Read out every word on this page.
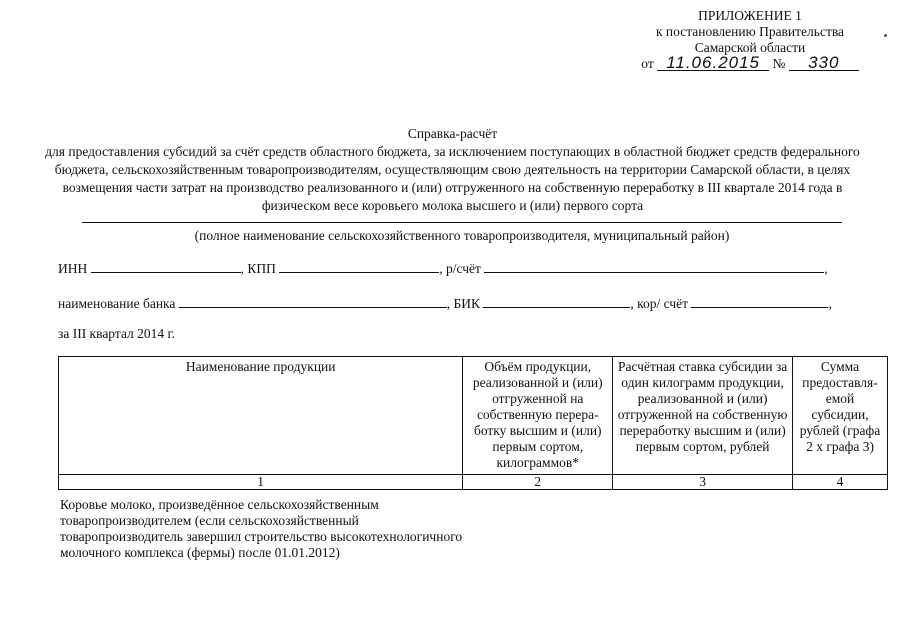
ПРИЛОЖЕНИЕ 1
к постановлению Правительства
Самарской области
от 11.06.2015 № 330
Справка-расчёт
для предоставления субсидий за счёт средств областного бюджета, за исключением поступающих в областной бюджет средств федерального бюджета, сельскохозяйственным товаропроизводителям, осуществляющим свою деятельность на территории Самарской области, в целях возмещения части затрат на производство реализованного и (или) отгруженного на собственную переработку в III квартале 2014 года в физическом весе коровьего молока высшего и (или) первого сорта
(полное наименование сельскохозяйственного товаропроизводителя, муниципальный район)
ИНН	, КПП	, р/счёт	,
наименование банка	, БИК	, кор/ счёт	,
за III квартал 2014 г.
Наименование продукции	Объём продукции, реализованной и (или) отгруженной на собственную перера-ботку высшим и (или) первым сортом, килограммов*	Расчётная ставка субсидии за один килограмм продукции, реализованной и (или) отгруженной на собственную переработку высшим и (или) первым сортом, рублей	Сумма предоставля-емой субсидии, рублей (графа 2 х графа 3)
1	2	3	4
Коровье молоко, произведённое сельскохозяйственным товаропроизводителем (если сельскохозяйственный товаропроизводитель завершил строительство высокотехнологичного молочного комплекса (фермы) после 01.01.2012)
